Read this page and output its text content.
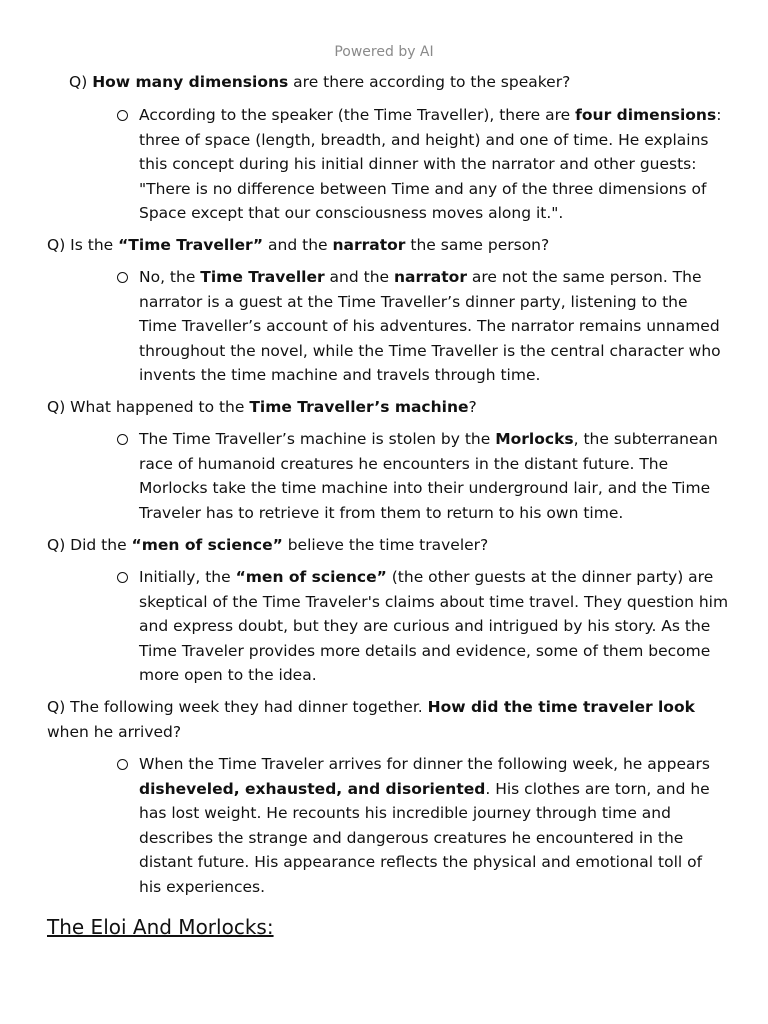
Powered by AI
Q) How many dimensions are there according to the speaker?
According to the speaker (the Time Traveller), there are four dimensions: three of space (length, breadth, and height) and one of time. He explains this concept during his initial dinner with the narrator and other guests: "There is no difference between Time and any of the three dimensions of Space except that our consciousness moves along it.".
Q) Is the “Time Traveller” and the narrator the same person?
No, the Time Traveller and the narrator are not the same person. The narrator is a guest at the Time Traveller’s dinner party, listening to the Time Traveller’s account of his adventures. The narrator remains unnamed throughout the novel, while the Time Traveller is the central character who invents the time machine and travels through time.
Q) What happened to the Time Traveller’s machine?
The Time Traveller’s machine is stolen by the Morlocks, the subterranean race of humanoid creatures he encounters in the distant future. The Morlocks take the time machine into their underground lair, and the Time Traveler has to retrieve it from them to return to his own time.
Q) Did the “men of science” believe the time traveler?
Initially, the “men of science” (the other guests at the dinner party) are skeptical of the Time Traveler's claims about time travel. They question him and express doubt, but they are curious and intrigued by his story. As the Time Traveler provides more details and evidence, some of them become more open to the idea.
Q) The following week they had dinner together. How did the time traveler look when he arrived?
When the Time Traveler arrives for dinner the following week, he appears disheveled, exhausted, and disoriented. His clothes are torn, and he has lost weight. He recounts his incredible journey through time and describes the strange and dangerous creatures he encountered in the distant future. His appearance reflects the physical and emotional toll of his experiences.
The Eloi And Morlocks:
